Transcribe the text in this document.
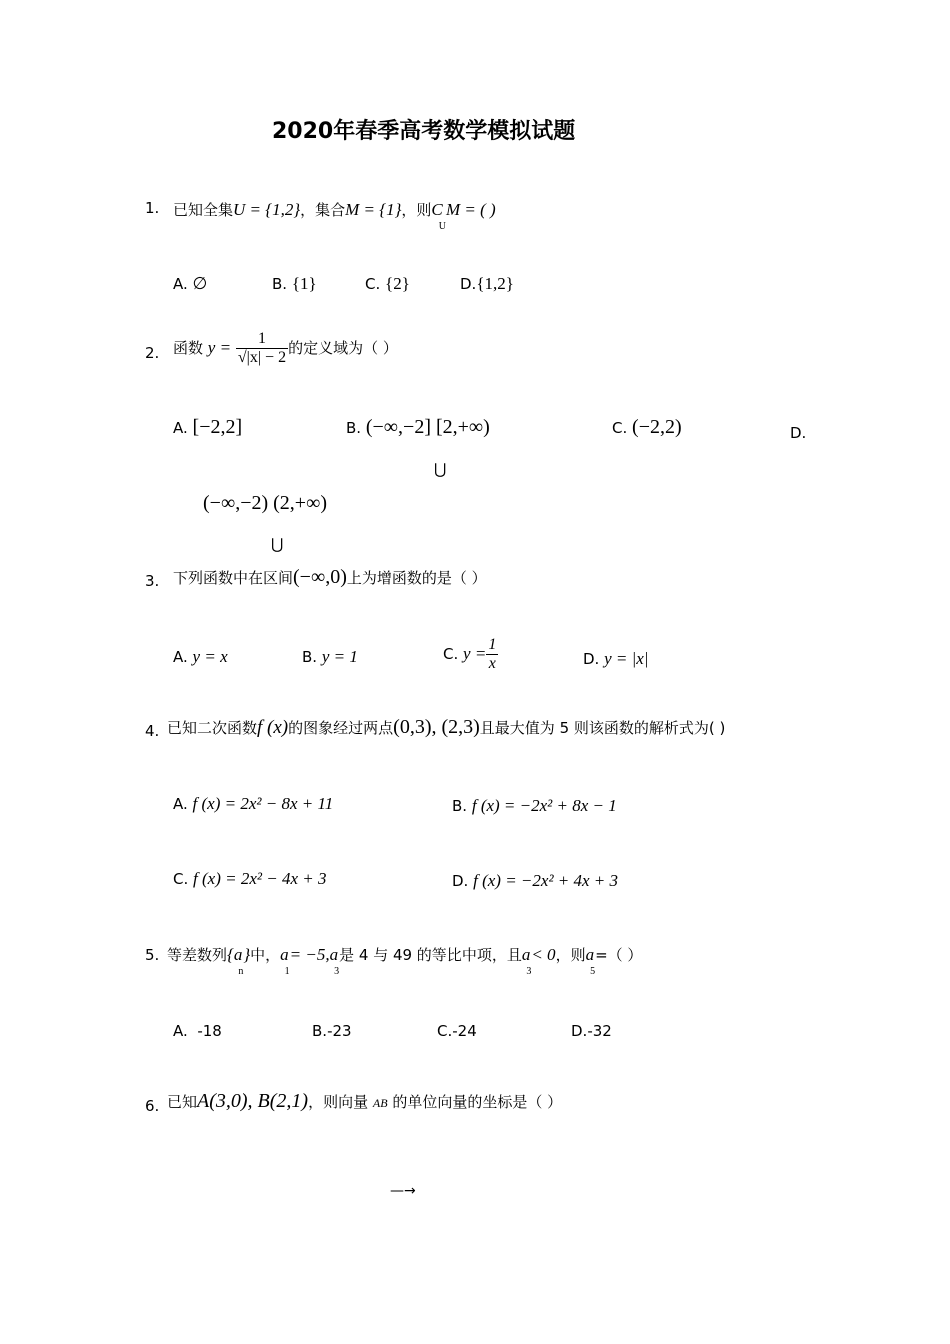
2020年春季高考数学模拟试题
1. 已知全集U = {1,2}，集合M = {1}，则$C_UM$ = ( )
A. ∅	B. {1}	C. {2}	D.{1,2}
2. 函数 $y = \frac{1}{√|x| - 2}$ 的定义域为（ ）
A. [−2,2]	B. (−∞,−2] [2,+∞)
⋃
C. (−2,2)	D.
(−∞,−2) (2,+∞)
⋃
3. 下列函数中在区间(−∞,0)上为增函数的是（ ）
A. y = x	B. y = 1	C. $y = \frac{1}{x}$	D. y = |x|
4. 已知二次函数f (x)的图象经过两点(0,3), (2,3)且最大值为 5 则该函数的解析式为( )
A. f (x) = 2x² − 8x + 11	B. f (x) = −2x² + 8x − 1
C. f (x) = 2x² − 4x + 3	D. f (x) = −2x² + 4x + 3
5. 等差数列$\{a_n\}$中，$a_1= -5,a_3$是 4 与 49 的等比中项，且$a_3< 0$，则$a_5=$（ ）
A. -18	B.-23	C.-24	D.-32
6. 已知A(3,0), B(2,1)，则向量 AB 的单位向量的坐标是（ ）
—→
